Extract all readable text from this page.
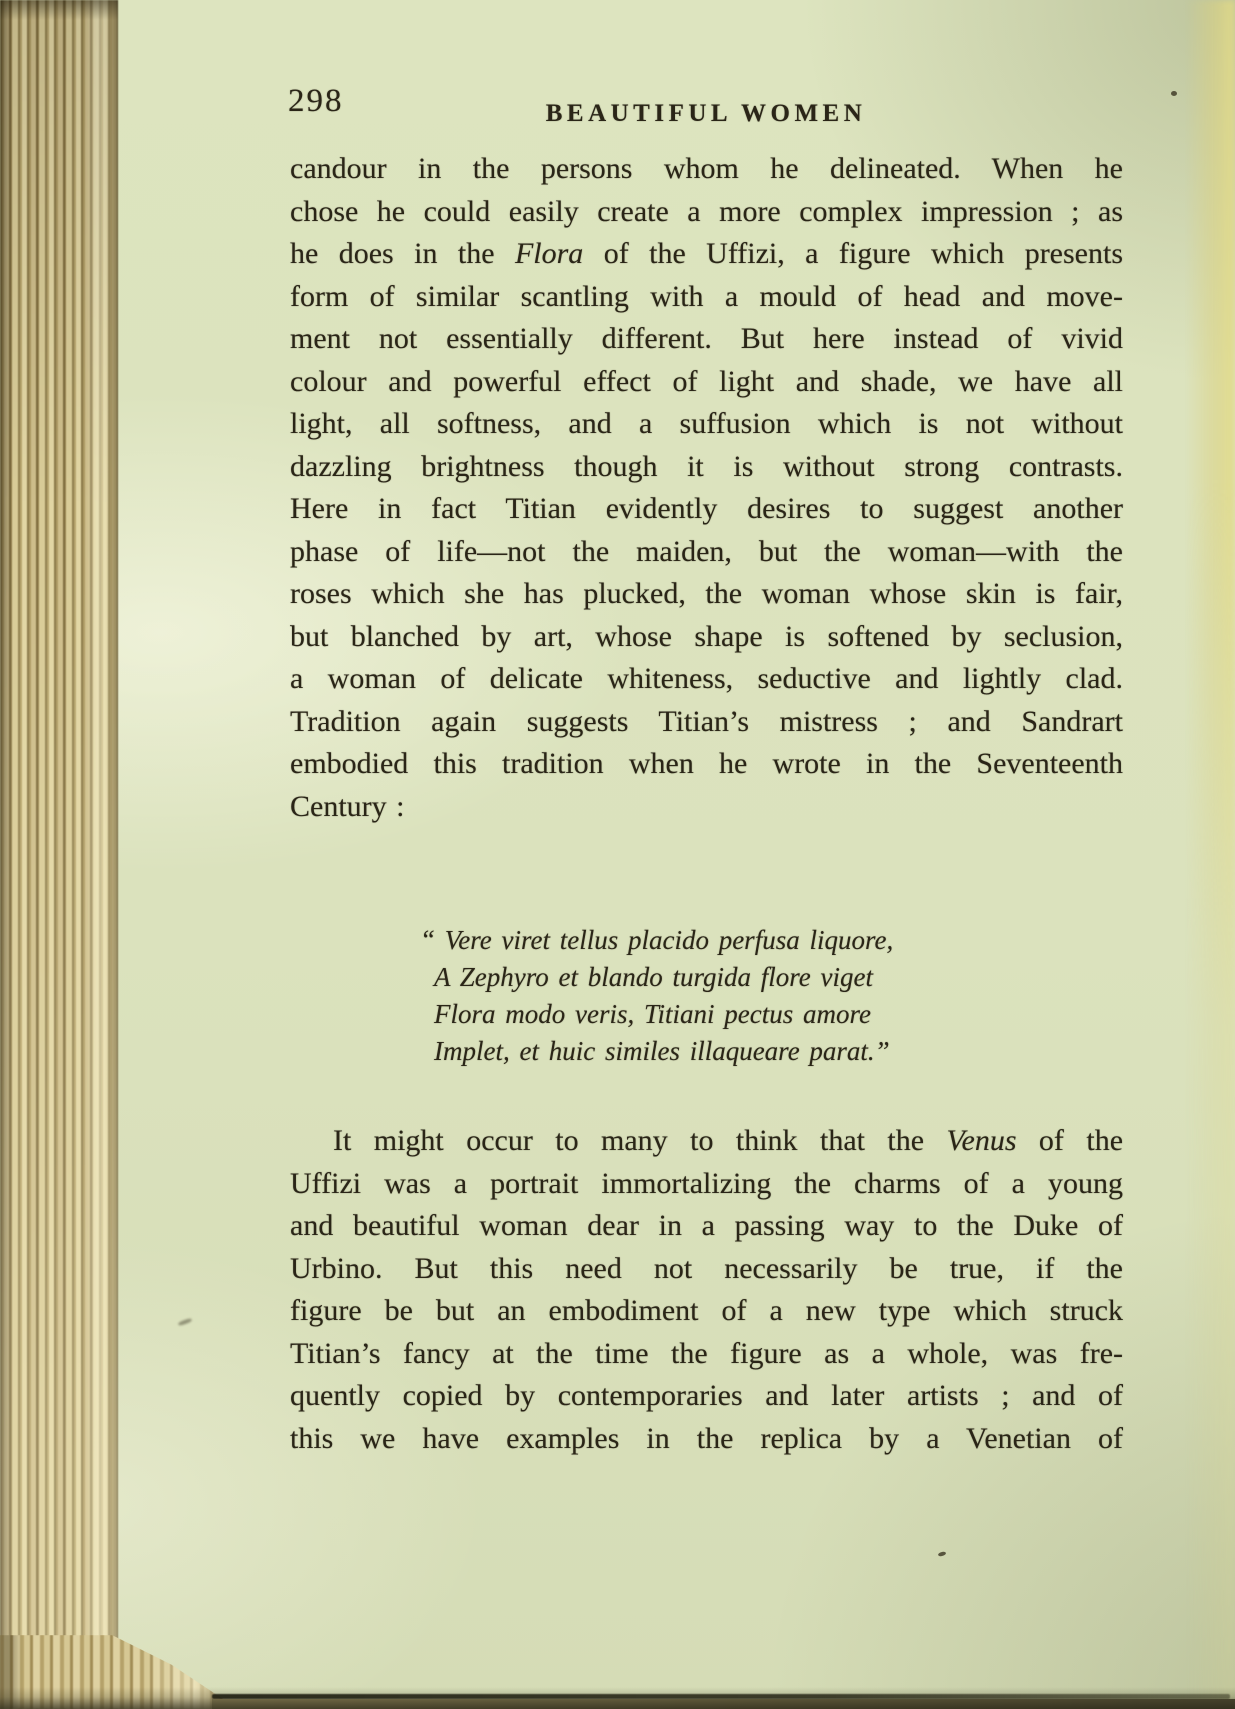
298	BEAUTIFUL WOMEN
candour in the persons whom he delineated. When he
chose he could easily create a more complex impression ; as
he does in the Flora of the Uffizi, a figure which presents
form of similar scantling with a mould of head and move-
ment not essentially different. But here instead of vivid
colour and powerful effect of light and shade, we have all
light, all softness, and a suffusion which is not without
dazzling brightness though it is without strong contrasts.
Here in fact Titian evidently desires to suggest another
phase of life—not the maiden, but the woman—with the
roses which she has plucked, the woman whose skin is fair,
but blanched by art, whose shape is softened by seclusion,
a woman of delicate whiteness, seductive and lightly clad.
Tradition again suggests Titian’s mistress ; and Sandrart
embodied this tradition when he wrote in the Seventeenth
Century :
“ Vere viret tellus placido perfusa liquore,
A Zephyro et blando turgida flore viget
Flora modo veris, Titiani pectus amore
Implet, et huic similes illaqueare parat.”
It might occur to many to think that the Venus of the
Uffizi was a portrait immortalizing the charms of a young
and beautiful woman dear in a passing way to the Duke of
Urbino. But this need not necessarily be true, if the
figure be but an embodiment of a new type which struck
Titian’s fancy at the time the figure as a whole, was fre-
quently copied by contemporaries and later artists ; and of
this we have examples in the replica by a Venetian of
